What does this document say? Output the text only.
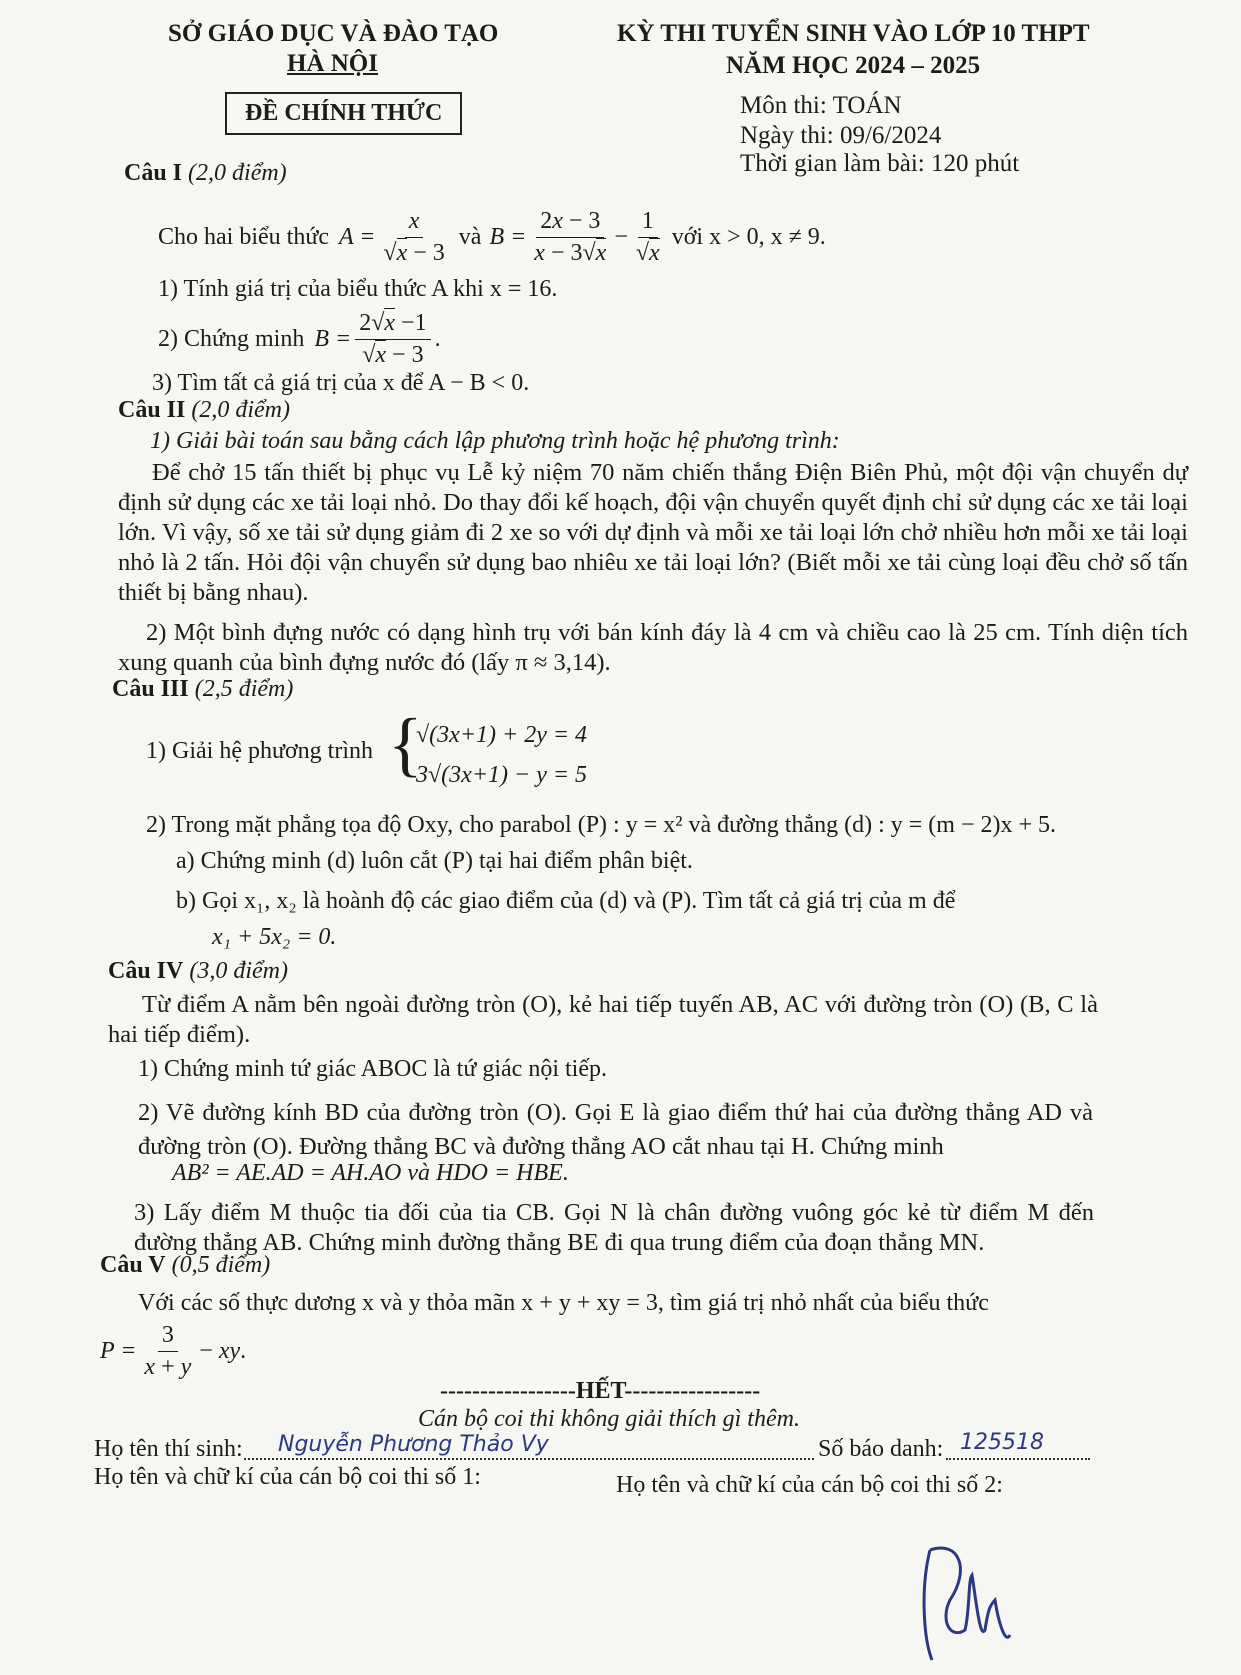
SỞ GIÁO DỤC VÀ ĐÀO TẠO
HÀ NỘI
ĐỀ CHÍNH THỨC
KỲ THI TUYỂN SINH VÀO LỚP 10 THPT
NĂM HỌC 2024 – 2025
Môn thi: TOÁN
Ngày thi: 09/6/2024
Thời gian làm bài: 120 phút
Câu I (2,0 điểm)
Cho hai biểu thức $A = \frac{x}{√x - 3}$ và $B = \frac{2x - 3}{x - 3√x} - \frac{1}{√x}$ với x > 0, x ≠ 9.
1) Tính giá trị của biểu thức A khi x = 16.
2) Chứng minh $B = \frac{2√x -1}{√x - 3}$ .
3) Tìm tất cả giá trị của x để A − B < 0.
Câu II (2,0 điểm)
1) Giải bài toán sau bằng cách lập phương trình hoặc hệ phương trình:
Để chở 15 tấn thiết bị phục vụ Lễ kỷ niệm 70 năm chiến thắng Điện Biên Phủ, một đội vận chuyển dự định sử dụng các xe tải loại nhỏ. Do thay đổi kế hoạch, đội vận chuyển quyết định chỉ sử dụng các xe tải loại lớn. Vì vậy, số xe tải sử dụng giảm đi 2 xe so với dự định và mỗi xe tải loại lớn chở nhiều hơn mỗi xe tải loại nhỏ là 2 tấn. Hỏi đội vận chuyển sử dụng bao nhiêu xe tải loại lớn? (Biết mỗi xe tải cùng loại đều chở số tấn thiết bị bằng nhau).
2) Một bình đựng nước có dạng hình trụ với bán kính đáy là 4 cm và chiều cao là 25 cm. Tính diện tích xung quanh của bình đựng nước đó (lấy π ≈ 3,14).
Câu III (2,5 điểm)
1) Giải hệ phương trình {
√(3x+1) + 2y = 4
3√(3x+1) − y = 5
2) Trong mặt phẳng tọa độ Oxy, cho parabol (P) : y = x² và đường thẳng (d) : y = (m − 2)x + 5.
a) Chứng minh (d) luôn cắt (P) tại hai điểm phân biệt.
b) Gọi x₁, x₂ là hoành độ các giao điểm của (d) và (P). Tìm tất cả giá trị của m để
x₁ + 5x₂ = 0.
Câu IV (3,0 điểm)
Từ điểm A nằm bên ngoài đường tròn (O), kẻ hai tiếp tuyến AB, AC với đường tròn (O) (B, C là hai tiếp điểm).
1) Chứng minh tứ giác ABOC là tứ giác nội tiếp.
2) Vẽ đường kính BD của đường tròn (O). Gọi E là giao điểm thứ hai của đường thẳng AD và đường tròn (O). Đường thẳng BC và đường thẳng AO cắt nhau tại H. Chứng minh
AB² = AE.AD = AH.AO và HDO = HBE.
3) Lấy điểm M thuộc tia đối của tia CB. Gọi N là chân đường vuông góc kẻ từ điểm M đến đường thẳng AB. Chứng minh đường thẳng BE đi qua trung điểm của đoạn thẳng MN.
Câu V (0,5 điểm)
Với các số thực dương x và y thỏa mãn x + y + xy = 3, tìm giá trị nhỏ nhất của biểu thức
$P = \frac{3}{x + y}$ − xy.
-----------------HẾT-----------------
Cán bộ coi thi không giải thích gì thêm.
Họ tên thí sinh: Nguyễn Phương Thảo Vy	Số báo danh: 125518
Họ tên và chữ kí của cán bộ coi thi số 1:	Họ tên và chữ kí của cán bộ coi thi số 2:
